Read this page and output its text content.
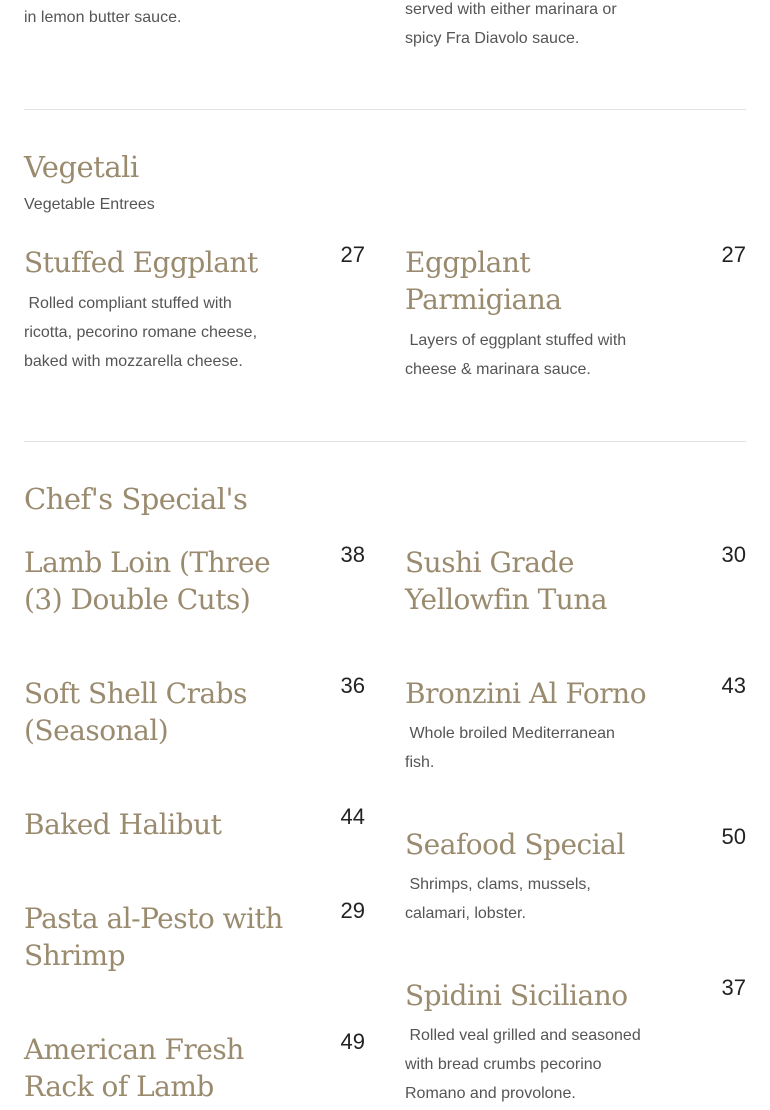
in lemon butter sauce.	served with either marinara or
spicy Fra Diavolo sauce.
Vegetali
Vegetable Entrees
Stuffed Eggplant	27
Rolled compliant stuffed with
ricotta, pecorino romane cheese,
baked with mozzarella cheese.
Eggplant
Parmigiana
27
Layers of eggplant stuffed with
cheese & marinara sauce.
Chef's Special's
Lamb Loin (Three
(3) Double Cuts)
38
Soft Shell Crabs
(Seasonal)
36
Baked Halibut	44
Pasta al-Pesto with
Shrimp
29
American Fresh
Rack of Lamb
49
Sushi Grade
Yellowfin Tuna
30
Bronzini Al Forno	43
Whole broiled Mediterranean
fish.
Seafood Special	50
Shrimps, clams, mussels,
calamari, lobster.
Spidini Siciliano	37
Rolled veal grilled and seasoned
with bread crumbs pecorino
Romano and provolone.
